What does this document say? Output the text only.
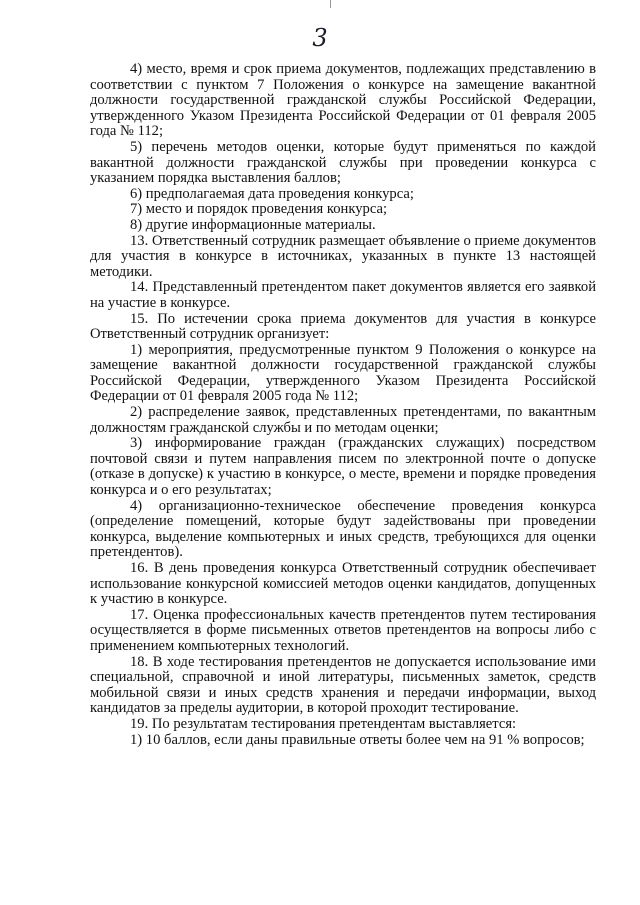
3

4) место, время и срок приема документов, подлежащих представлению в соответствии с пунктом 7 Положения о конкурсе на замещение вакантной должности государственной гражданской службы Российской Федерации, утвержденного Указом Президента Российской Федерации от 01 февраля 2005 года № 112;

5) перечень методов оценки, которые будут применяться по каждой вакантной должности гражданской службы при проведении конкурса с указанием порядка выставления баллов;

6) предполагаемая дата проведения конкурса;

7) место и порядок проведения конкурса;

8) другие информационные материалы.

13. Ответственный сотрудник размещает объявление о приеме документов для участия в конкурсе в источниках, указанных в пункте 13 настоящей методики.

14. Представленный претендентом пакет документов является его заявкой на участие в конкурсе.

15. По истечении срока приема документов для участия в конкурсе Ответственный сотрудник организует:

1) мероприятия, предусмотренные пунктом 9 Положения о конкурсе на замещение вакантной должности государственной гражданской службы Российской Федерации, утвержденного Указом Президента Российской Федерации от 01 февраля 2005 года № 112;

2) распределение заявок, представленных претендентами, по вакантным должностям гражданской службы и по методам оценки;

3) информирование граждан (гражданских служащих) посредством почтовой связи и путем направления писем по электронной почте о допуске (отказе в допуске) к участию в конкурсе, о месте, времени и порядке проведения конкурса и о его результатах;

4) организационно-техническое обеспечение проведения конкурса (определение помещений, которые будут задействованы при проведении конкурса, выделение компьютерных и иных средств, требующихся для оценки претендентов).

16. В день проведения конкурса Ответственный сотрудник обеспечивает использование конкурсной комиссией методов оценки кандидатов, допущенных к участию в конкурсе.

17. Оценка профессиональных качеств претендентов путем тестирования осуществляется в форме письменных ответов претендентов на вопросы либо с применением компьютерных технологий.

18. В ходе тестирования претендентов не допускается использование ими специальной, справочной и иной литературы, письменных заметок, средств мобильной связи и иных средств хранения и передачи информации, выход кандидатов за пределы аудитории, в которой проходит тестирование.

19. По результатам тестирования претендентам выставляется:

1) 10 баллов, если даны правильные ответы более чем на 91 % вопросов;
